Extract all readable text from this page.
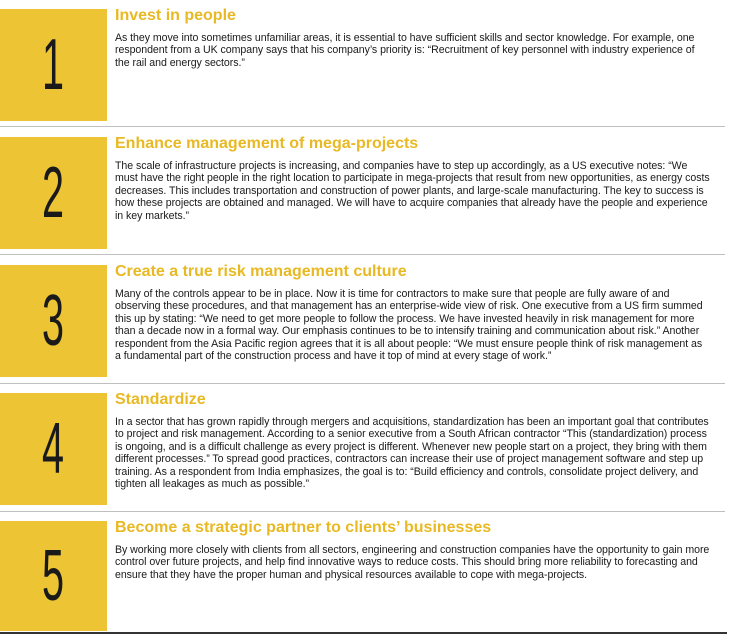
1
Invest in people

As they move into sometimes unfamiliar areas, it is essential to have sufficient skills and sector knowledge. For example, one respondent from a UK company says that his company’s priority is: “Recruitment of key personnel with industry experience of the rail and energy sectors.”

2
Enhance management of mega-projects

The scale of infrastructure projects is increasing, and companies have to step up accordingly, as a US executive notes: “We must have the right people in the right location to participate in mega-projects that result from new opportunities, as energy costs decreases. This includes transportation and construction of power plants, and large-scale manufacturing. The key to success is how these projects are obtained and managed. We will have to acquire companies that already have the people and experience in key markets.”

3
Create a true risk management culture

Many of the controls appear to be in place. Now it is time for contractors to make sure that people are fully aware of and observing these procedures, and that management has an enterprise-wide view of risk. One executive from a US firm summed this up by stating: “We need to get more people to follow the process. We have invested heavily in risk management for more than a decade now in a formal way. Our emphasis continues to be to intensify training and communication about risk.” Another respondent from the Asia Pacific region agrees that it is all about people: “We must ensure people think of risk management as a fundamental part of the construction process and have it top of mind at every stage of work.”

4
Standardize

In a sector that has grown rapidly through mergers and acquisitions, standardization has been an important goal that contributes to project and risk management. According to a senior executive from a South African contractor “This (standardization) process is ongoing, and is a difficult challenge as every project is different. Whenever new people start on a project, they bring with them different processes.” To spread good practices, contractors can increase their use of project management software and step up training. As a respondent from India emphasizes, the goal is to: “Build efficiency and controls, consolidate project delivery, and tighten all leakages as much as possible.”

5
Become a strategic partner to clients’ businesses

By working more closely with clients from all sectors, engineering and construction companies have the opportunity to gain more control over future projects, and help find innovative ways to reduce costs. This should bring more reliability to forecasting and ensure that they have the proper human and physical resources available to cope with mega-projects.
